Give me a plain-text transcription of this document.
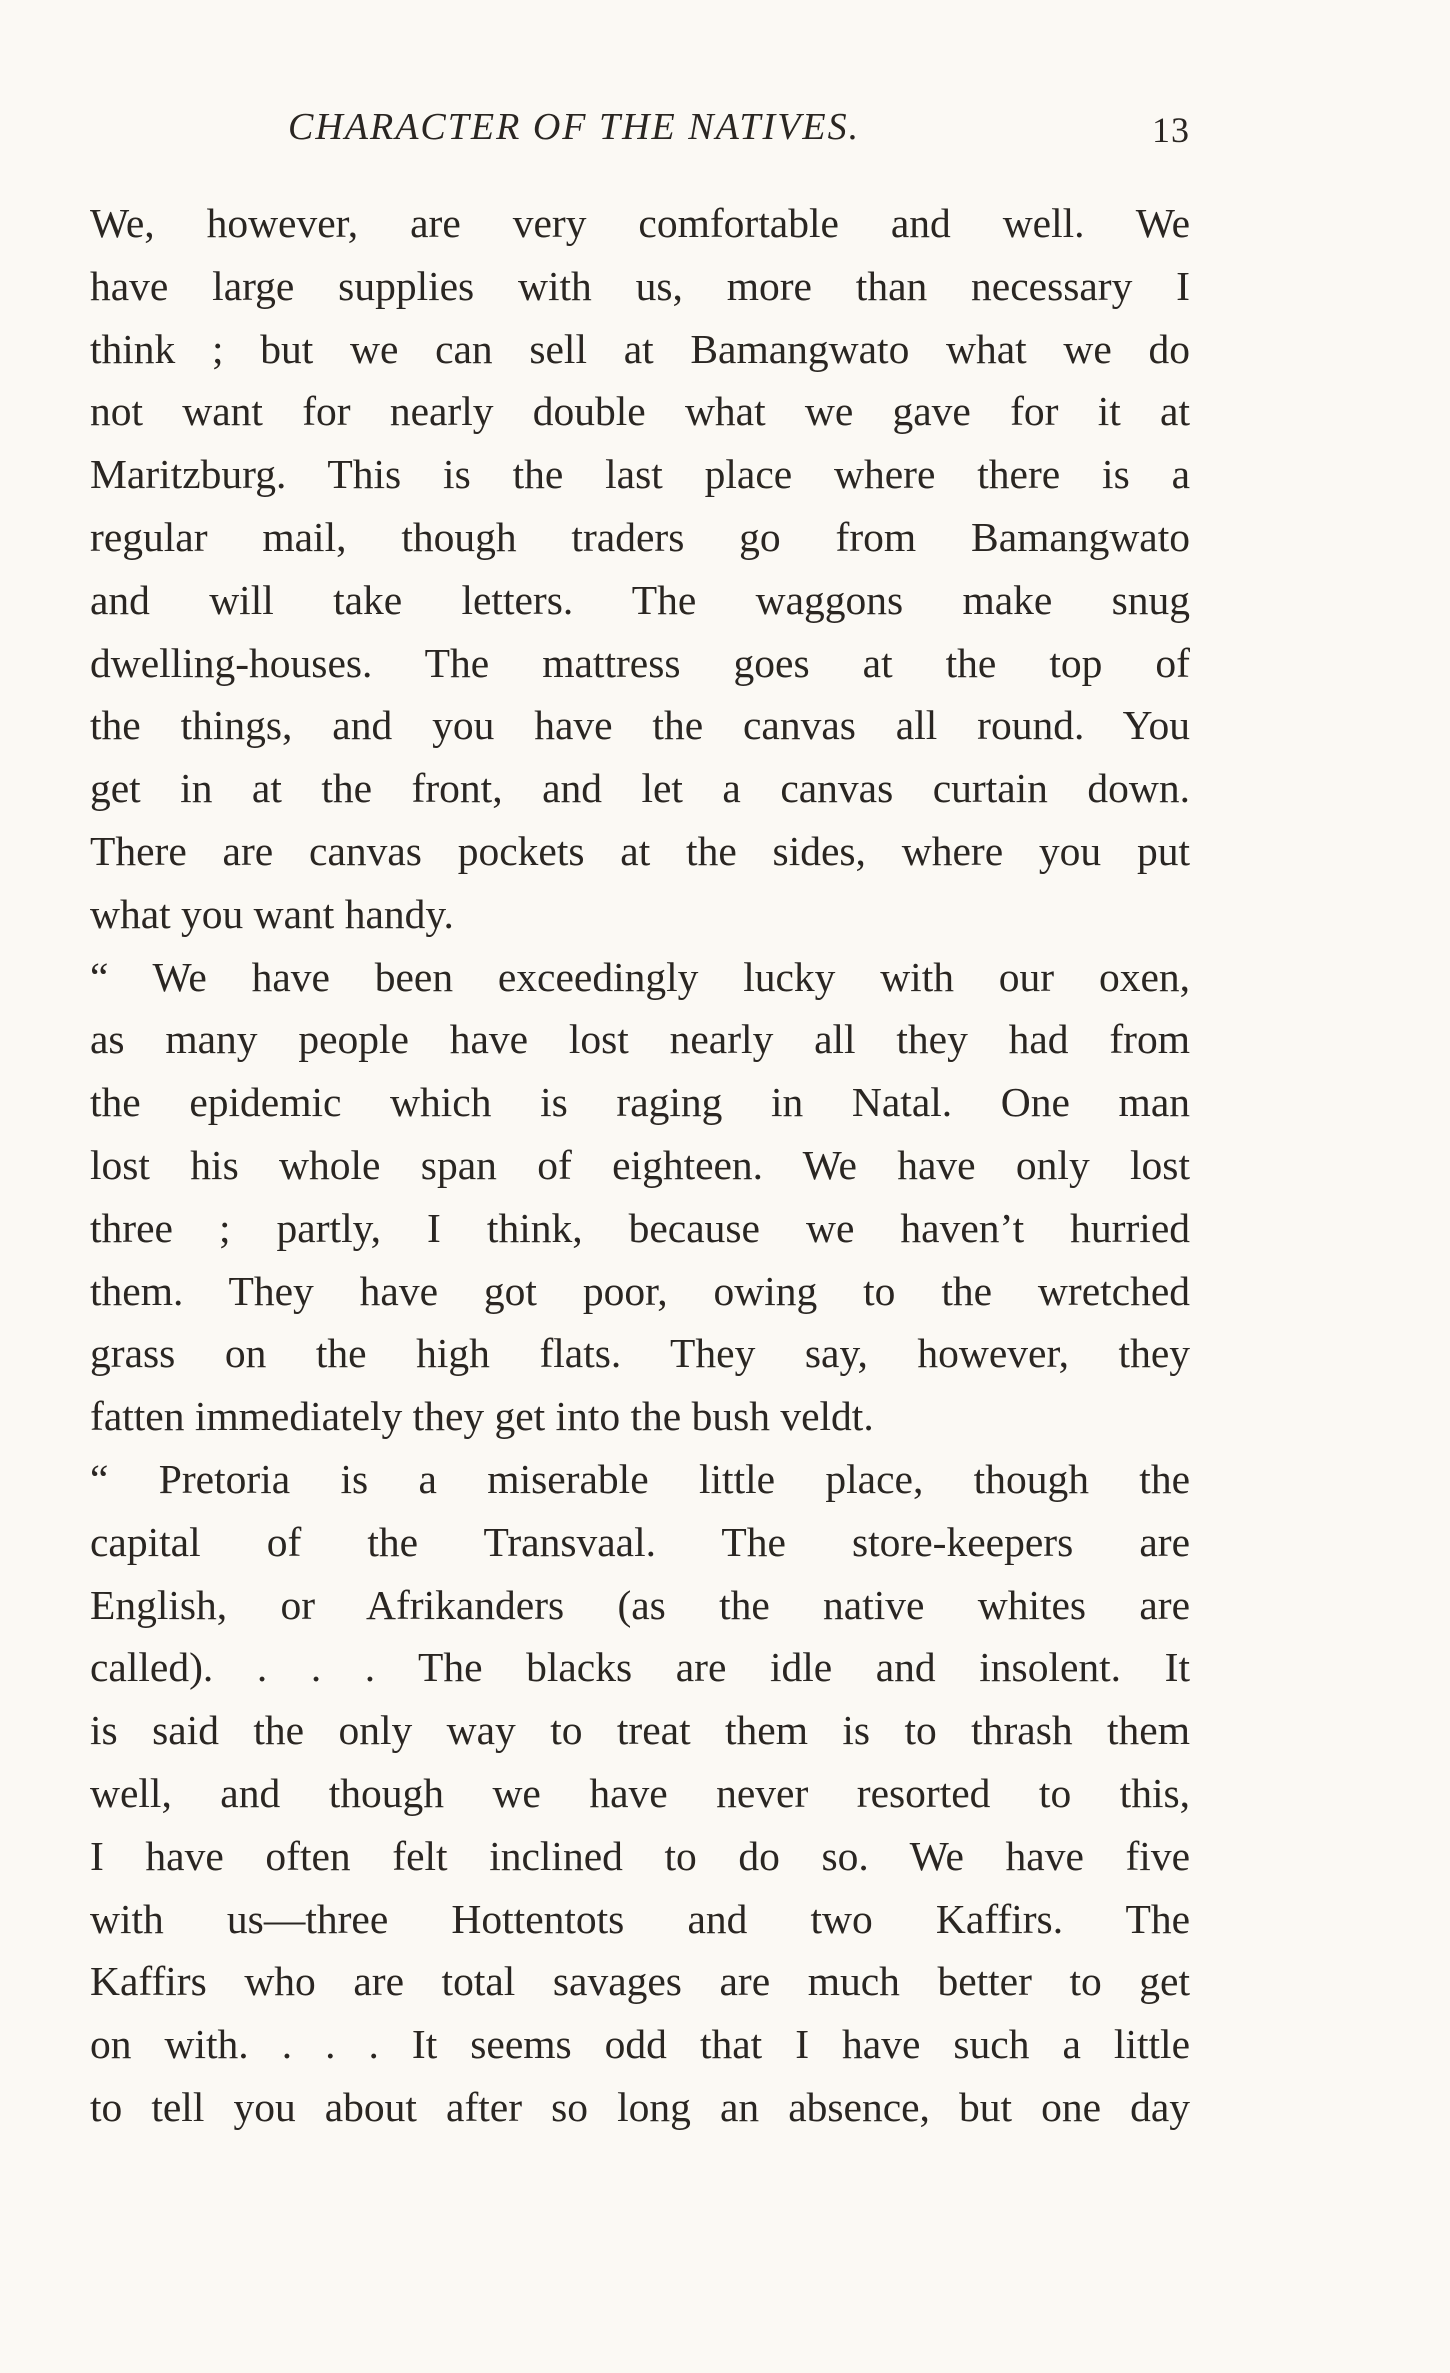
CHARACTER OF THE NATIVES.	13
We, however, are very comfortable and well. We
have large supplies with us, more than necessary I
think ; but we can sell at Bamangwato what we do
not want for nearly double what we gave for it at
Maritzburg. This is the last place where there is a
regular mail, though traders go from Bamangwato
and will take letters. The waggons make snug
dwelling-houses. The mattress goes at the top of
the things, and you have the canvas all round. You
get in at the front, and let a canvas curtain down.
There are canvas pockets at the sides, where you put
what you want handy.
“ We have been exceedingly lucky with our oxen,
as many people have lost nearly all they had from
the epidemic which is raging in Natal. One man
lost his whole span of eighteen. We have only lost
three ; partly, I think, because we haven’t hurried
them. They have got poor, owing to the wretched
grass on the high flats. They say, however, they
fatten immediately they get into the bush veldt.
“ Pretoria is a miserable little place, though the
capital of the Transvaal. The store-keepers are
English, or Afrikanders (as the native whites are
called). . . . The blacks are idle and insolent. It
is said the only way to treat them is to thrash them
well, and though we have never resorted to this,
I have often felt inclined to do so. We have five
with us—three Hottentots and two Kaffirs. The
Kaffirs who are total savages are much better to get
on with. . . . It seems odd that I have such a little
to tell you about after so long an absence, but one day
